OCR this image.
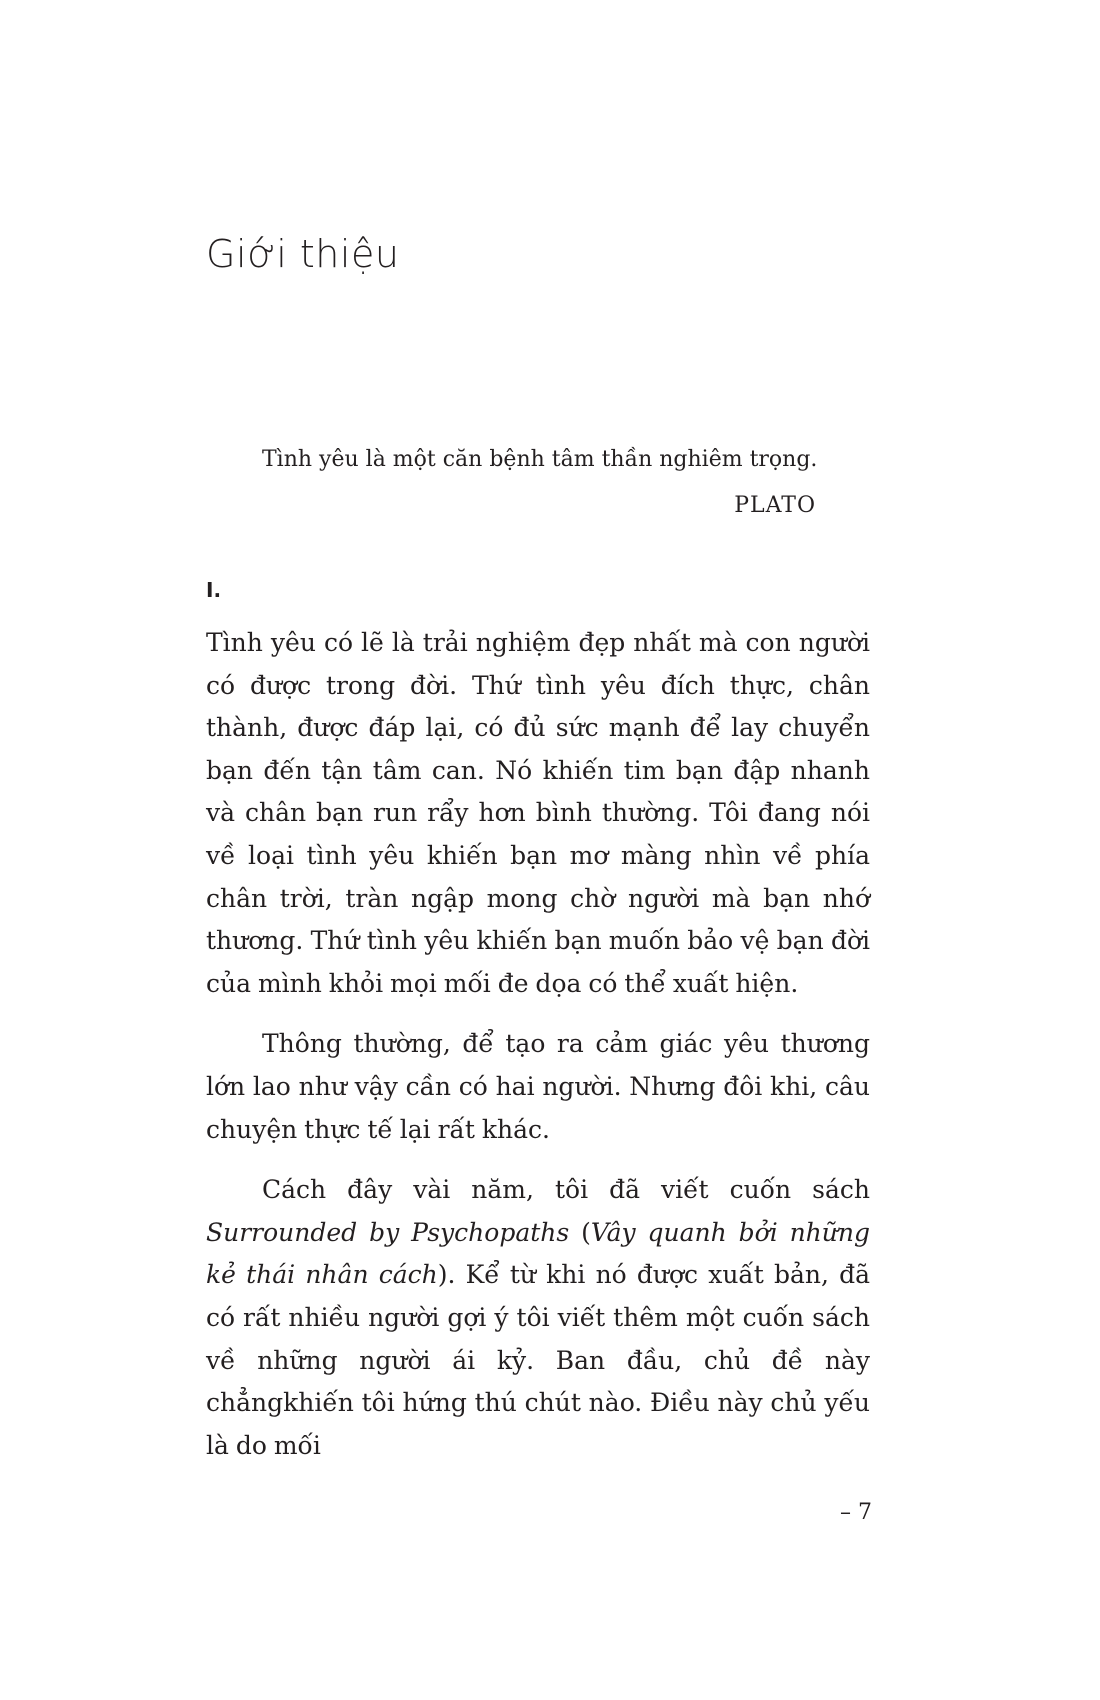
Giới thiệu

Tình yêu là một căn bệnh tâm thần nghiêm trọng.

PLATO

I.

Tình yêu có lẽ là trải nghiệm đẹp nhất mà con người có được trong đời. Thứ tình yêu đích thực, chân thành, được đáp lại, có đủ sức mạnh để lay chuyển bạn đến tận tâm can. Nó khiến tim bạn đập nhanh và chân bạn run rẩy hơn bình thường. Tôi đang nói về loại tình yêu khiến bạn mơ màng nhìn về phía chân trời, tràn ngập mong chờ người mà bạn nhớ thương. Thứ tình yêu khiến bạn muốn bảo vệ bạn đời của mình khỏi mọi mối đe dọa có thể xuất hiện.

Thông thường, để tạo ra cảm giác yêu thương lớn lao như vậy cần có hai người. Nhưng đôi khi, câu chuyện thực tế lại rất khác.

Cách đây vài năm, tôi đã viết cuốn sách Surrounded by Psychopaths (Vây quanh bởi những kẻ thái nhân cách). Kể từ khi nó được xuất bản, đã có rất nhiều người gợi ý tôi viết thêm một cuốn sách về những người ái kỷ. Ban đầu, chủ đề này chẳngkhiến tôi hứng thú chút nào. Điều này chủ yếu là do mối

– 7
